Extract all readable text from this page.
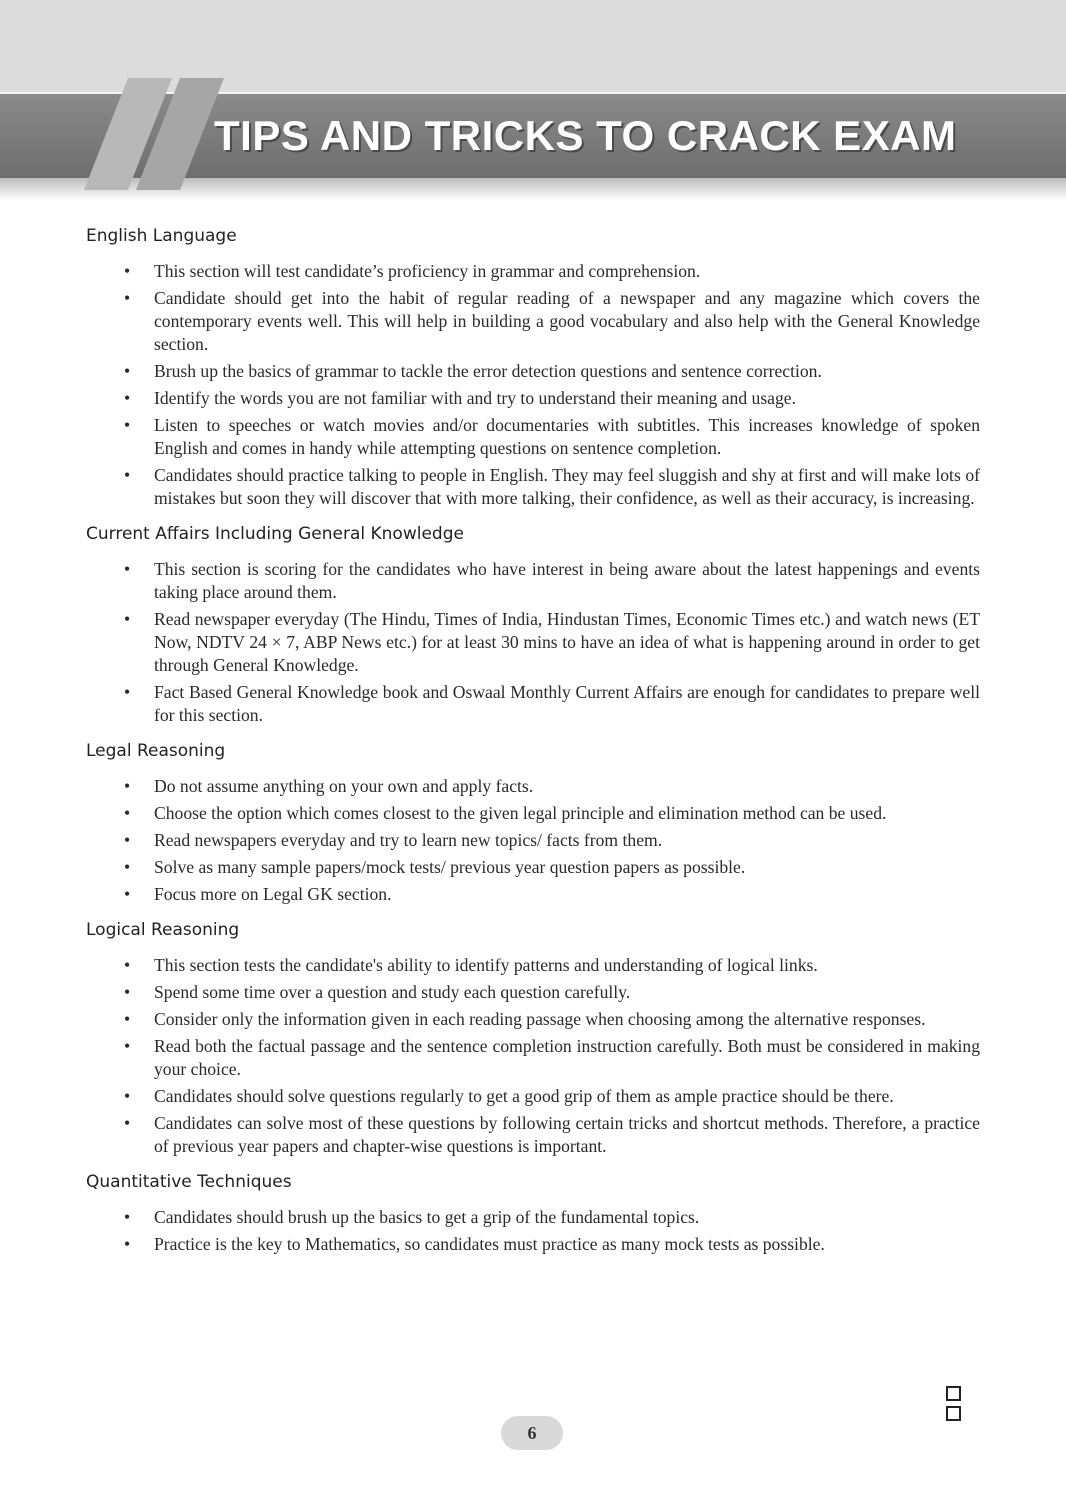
TIPS AND TRICKS TO CRACK EXAM
English Language
• This section will test candidate’s proficiency in grammar and comprehension.
• Candidate should get into the habit of regular reading of a newspaper and any magazine which covers the contemporary events well. This will help in building a good vocabulary and also help with the General Knowledge section.
• Brush up the basics of grammar to tackle the error detection questions and sentence correction.
• Identify the words you are not familiar with and try to understand their meaning and usage.
• Listen to speeches or watch movies and/or documentaries with subtitles. This increases knowledge of spoken English and comes in handy while attempting questions on sentence completion.
• Candidates should practice talking to people in English. They may feel sluggish and shy at first and will make lots of mistakes but soon they will discover that with more talking, their confidence, as well as their accuracy, is increasing.
Current Affairs Including General Knowledge
• This section is scoring for the candidates who have interest in being aware about the latest happenings and events taking place around them.
• Read newspaper everyday (The Hindu, Times of India, Hindustan Times, Economic Times etc.) and watch news (ET Now, NDTV 24 × 7, ABP News etc.) for at least 30 mins to have an idea of what is happening around in order to get through General Knowledge.
• Fact Based General Knowledge book and Oswaal Monthly Current Affairs are enough for candidates to prepare well for this section.
Legal Reasoning
• Do not assume anything on your own and apply facts.
• Choose the option which comes closest to the given legal principle and elimination method can be used.
• Read newspapers everyday and try to learn new topics/ facts from them.
• Solve as many sample papers/mock tests/ previous year question papers as possible.
• Focus more on Legal GK section.
Logical Reasoning
• This section tests the candidate's ability to identify patterns and understanding of logical links.
• Spend some time over a question and study each question carefully.
• Consider only the information given in each reading passage when choosing among the alternative responses.
• Read both the factual passage and the sentence completion instruction carefully. Both must be considered in making your choice.
• Candidates should solve questions regularly to get a good grip of them as ample practice should be there.
• Candidates can solve most of these questions by following certain tricks and shortcut methods. Therefore, a practice of previous year papers and chapter-wise questions is important.
Quantitative Techniques
• Candidates should brush up the basics to get a grip of the fundamental topics.
• Practice is the key to Mathematics, so candidates must practice as many mock tests as possible.
6
